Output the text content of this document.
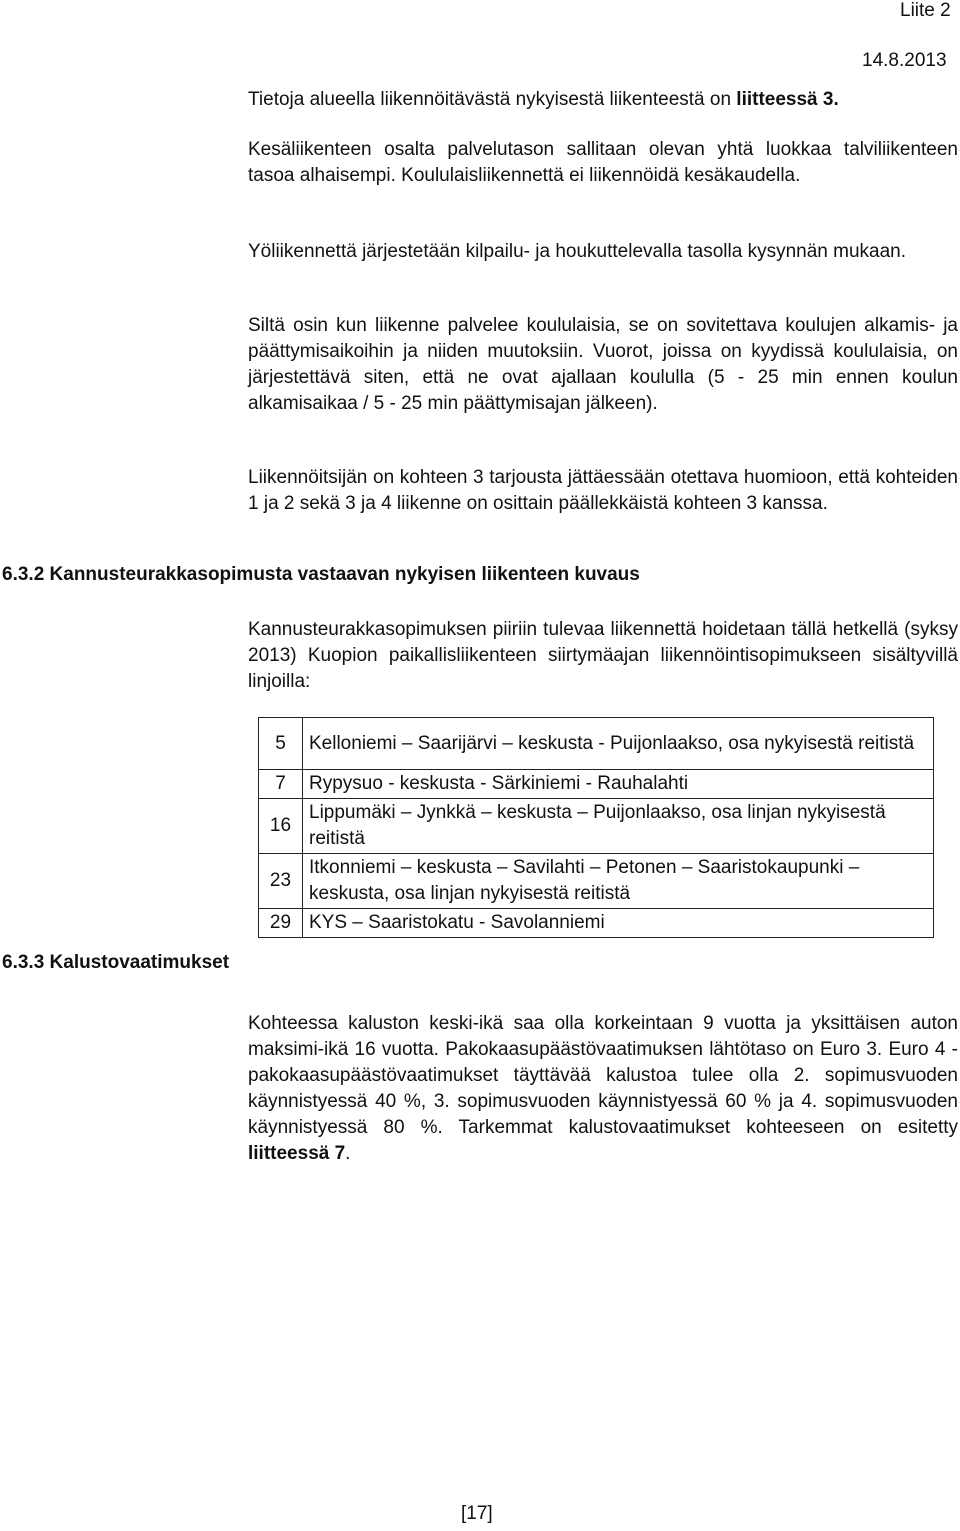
Liite 2
14.8.2013

Tietoja alueella liikennöitävästä nykyisestä liikenteestä on liitteessä 3.

Kesäliikenteen osalta palvelutason sallitaan olevan yhtä luokkaa talviliikenteen tasoa alhaisempi. Koululaisliikennettä ei liikennöidä kesäkaudella.

Yöliikennettä järjestetään kilpailu- ja houkuttelevalla tasolla kysynnän mukaan.

Siltä osin kun liikenne palvelee koululaisia, se on sovitettava koulujen alkamis- ja päättymisaikoihin ja niiden muutoksiin. Vuorot, joissa on kyydissä koululaisia, on järjestettävä siten, että ne ovat ajallaan koululla (5 - 25 min ennen koulun alkamisaikaa / 5 - 25 min päättymisajan jälkeen).

Liikennöitsijän on kohteen 3 tarjousta jättäessään otettava huomioon, että kohteiden 1 ja 2 sekä 3 ja 4 liikenne on osittain päällekkäistä kohteen 3 kanssa.

6.3.2 Kannusteurakkasopimusta vastaavan nykyisen liikenteen kuvaus

Kannusteurakkasopimuksen piiriin tulevaa liikennettä hoidetaan tällä hetkellä (syksy 2013) Kuopion paikallisliikenteen siirtymäajan liikennöintisopimukseen sisältyvillä linjoilla:

5	Kelloniemi – Saarijärvi – keskusta - Puijonlaakso, osa nykyisestä reitistä
7	Rypysuo - keskusta - Särkiniemi - Rauhalahti
16	Lippumäki – Jynkkä – keskusta – Puijonlaakso, osa linjan nykyisestä reitistä
23	Itkonniemi – keskusta – Savilahti – Petonen – Saaristokaupunki – keskusta, osa linjan nykyisestä reitistä
29	KYS – Saaristokatu - Savolanniemi
6.3.3 Kalustovaatimukset

Kohteessa kaluston keski-ikä saa olla korkeintaan 9 vuotta ja yksittäisen auton maksimi-ikä 16 vuotta. Pakokaasupäästövaatimuksen lähtötaso on Euro 3. Euro 4 -pakokaasupäästövaatimukset täyttävää kalustoa tulee olla 2. sopimusvuoden käynnistyessä 40 %, 3. sopimusvuoden käynnistyessä 60 % ja 4. sopimusvuoden käynnistyessä 80 %. Tarkemmat kalustovaatimukset kohteeseen on esitetty liitteessä 7.

[17]
